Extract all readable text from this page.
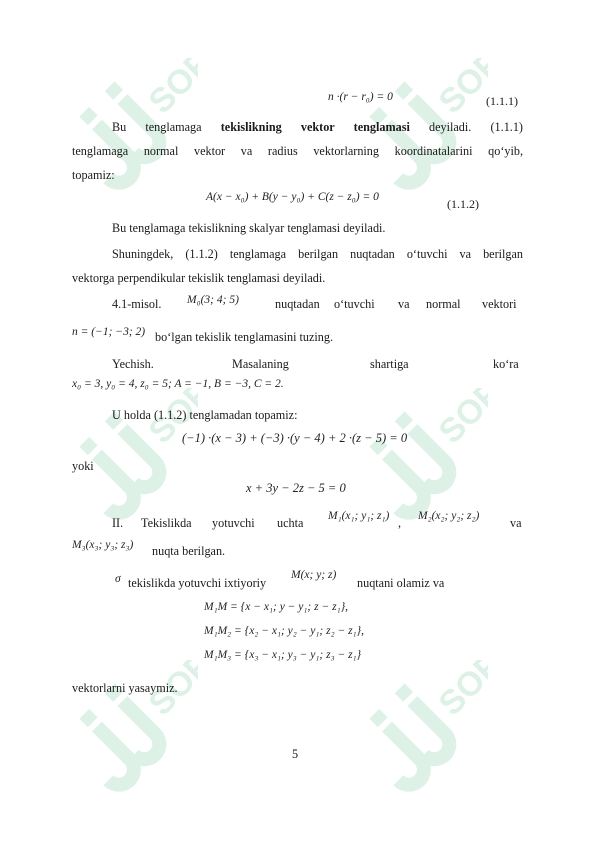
SOFF	SOFF
SOFF	SOFF
SOFF	SOFF
n ·(r − r₀) = 0	(1.1.1)
Bu tenglamaga tekislikning vektor tenglamasi deyiladi. (1.1.1)
tenglamaga normal vektor va radius vektorlarning koordinatalarini qo‘yib,
topamiz:
A(x − x₀) + B(y − y₀) + C(z − z₀) = 0	(1.1.2)
Bu tenglamaga tekislikning skalyar tenglamasi deyiladi.
Shuningdek, (1.1.2) tenglamaga berilgan nuqtadan o‘tuvchi va berilgan
vektorga perpendikular tekislik tenglamasi deyiladi.
4.1-misol. M₀(3; 4; 5)	nuqtadan o‘tuvchi va normal vektori
n = (−1; −3; 2) bo‘lgan tekislik tenglamasini tuzing.
Yechish.	Masalaning	shartiga	ko‘ra
x₀ = 3, y₀ = 4, z₀ = 5; A = −1, B = −3, C = 2.
U holda (1.1.2) tenglamadan topamiz:
(−1) ·(x − 3) + (−3) ·(y − 4) + 2 ·(z − 5) = 0
yoki
x + 3y − 2z − 5 = 0
II. Tekislikda yotuvchi uchta M₁(x₁; y₁; z₁) , M₂(x₂; y₂; z₂)	va
M₃(x₃; y₃; z₃) nuqta berilgan.
σ tekislikda yotuvchi ixtiyoriy
M(x; y; z)
nuqtani olamiz va
M₁M = {x − x₁; y − y₁; z − z₁},
M₁M₂ = {x₂ − x₁; y₂ − y₁; z₂ − z₁},
M₁M₃ = {x₃ − x₁; y₃ − y₁; z₃ − z₁}
vektorlarni yasaymiz.
5
